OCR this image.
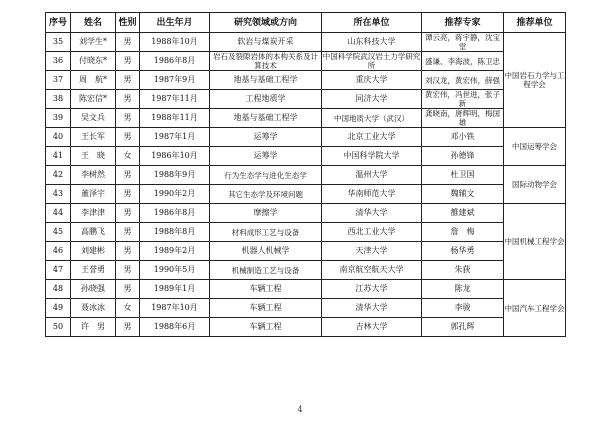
序号	姓名	性别	出生年月	研究领域或方向	所在单位	推荐专家	推荐单位
35	刘学生*	男	1988年10月	软岩与煤炭开采	山东科技大学	谭云亮，蒋宇静，沈宝堂	中国岩石力学与工程学会
36	付晓东*	男	1986年8月	岩石及裂隙岩体的本构关系及计算技术	中国科学院武汉岩土力学研究所	盛谦、李海波，陈卫忠	
37	周　航*	男	1987年9月	地基与基础工程学	重庆大学	刘汉龙，黄宏伟，薛强	
38	陈宏信*	男	1987年11月	工程地质学	同济大学	黄宏伟，冯世进，张子新	
39	吴文兵	男	1988年11月	地基与基础工程学	中国地质大学（武汉）	龚晓南，唐辉明，梅国雄	
40	王长军	男	1987年1月	运筹学	北京工业大学	邓小铁	中国运筹学会
41	王　晓	女	1986年10月	运筹学	中国科学院大学	孙德锋	
42	李树然	男	1988年9月	行为生态学与进化生态学	温州大学	杜卫国	国际动物学会
43	董泽宇	男	1990年2月	其它生态学及环境问题	华南师范大学	魏辅文	
44	李津津	男	1986年8月	摩擦学	清华大学	雒建斌	中国机械工程学会
45	高鹏飞	男	1988年8月	材料成形工艺与设备	西北工业大学	詹　梅	
46	刘建彬	男	1989年2月	机器人机械学	天津大学	杨华勇	
47	王誉勇	男	1990年5月	机械制造工艺与设备	南京航空航天大学	朱荻	
48	孙晓强	男	1989年1月	车辆工程	江苏大学	陈龙	中国汽车工程学会
49	聂冰冰	女	1987年10月	车辆工程	清华大学	李骏	
50	许　男	男	1988年6月	车辆工程	吉林大学	郭孔辉	
4
